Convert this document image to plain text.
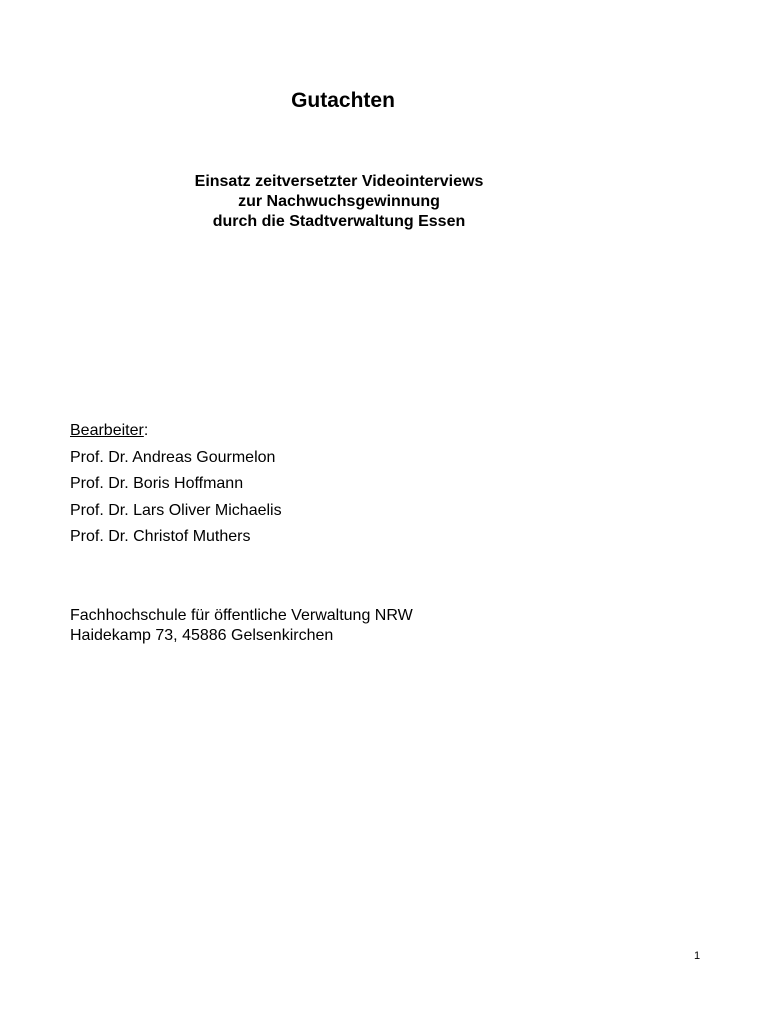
Gutachten
Einsatz zeitversetzter Videointerviews
zur Nachwuchsgewinnung
durch die Stadtverwaltung Essen
Bearbeiter:
Prof. Dr. Andreas Gourmelon
Prof. Dr. Boris Hoffmann
Prof. Dr. Lars Oliver Michaelis
Prof. Dr. Christof Muthers
Fachhochschule für öffentliche Verwaltung NRW
Haidekamp 73, 45886 Gelsenkirchen
1
